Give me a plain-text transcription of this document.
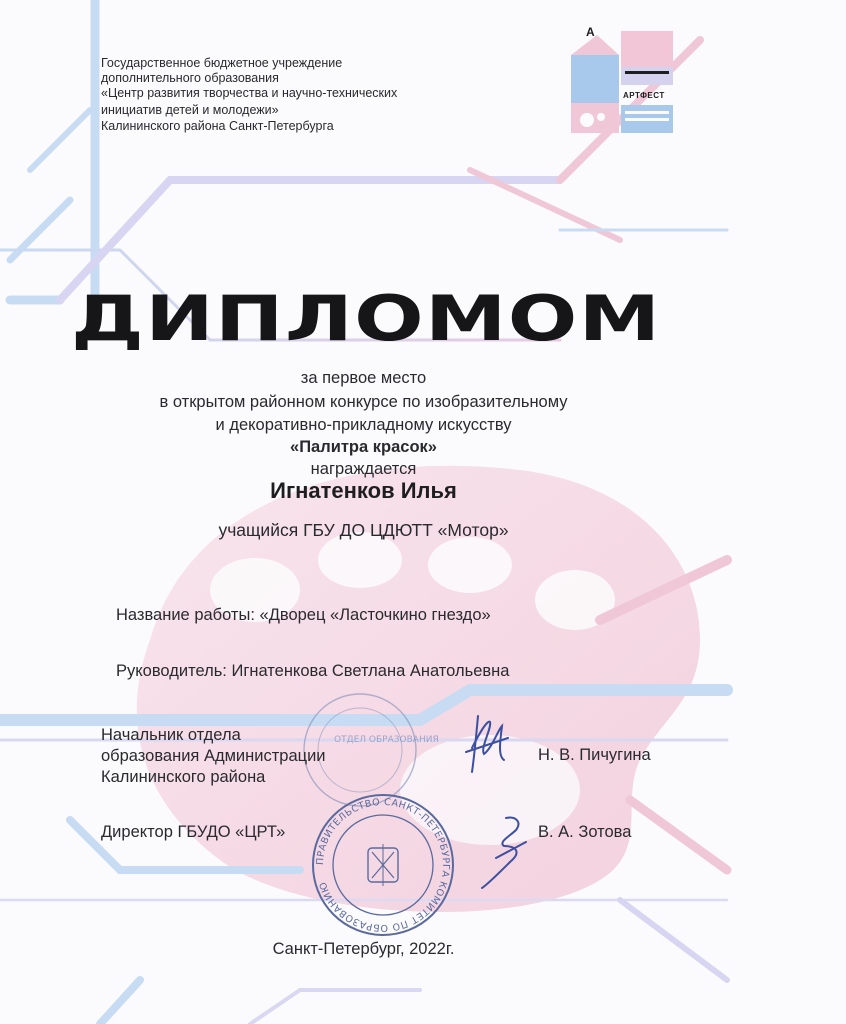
Государственное бюджетное учреждение
дополнительного образования
«Центр развития творчества и научно-технических
инициатив детей и молодежи»
Калининского района Санкт-Петербурга
А
АРТФЕСТ
ДИПЛОМОМ
за первое место
в открытом районном конкурсе по изобразительному
и декоративно-прикладному искусству
«Палитра красок»
награждается
Игнатенков Илья
учащийся ГБУ ДО ЦДЮТТ «Мотор»
Название работы: «Дворец «Ласточкино гнездо»
Руководитель: Игнатенкова Светлана Анатольевна
ОТДЕЛ ОБРАЗОВАНИЯ
ПРАВИТЕЛЬСТВО САНКТ-ПЕТЕРБУРГА КОМИТЕТ ПО ОБРАЗОВАНИЮ
Начальник отдела
образования Администрации
Калининского района
Н. В. Пичугина
Директор ГБУДО «ЦРТ»	В. А. Зотова
Санкт-Петербург, 2022г.
